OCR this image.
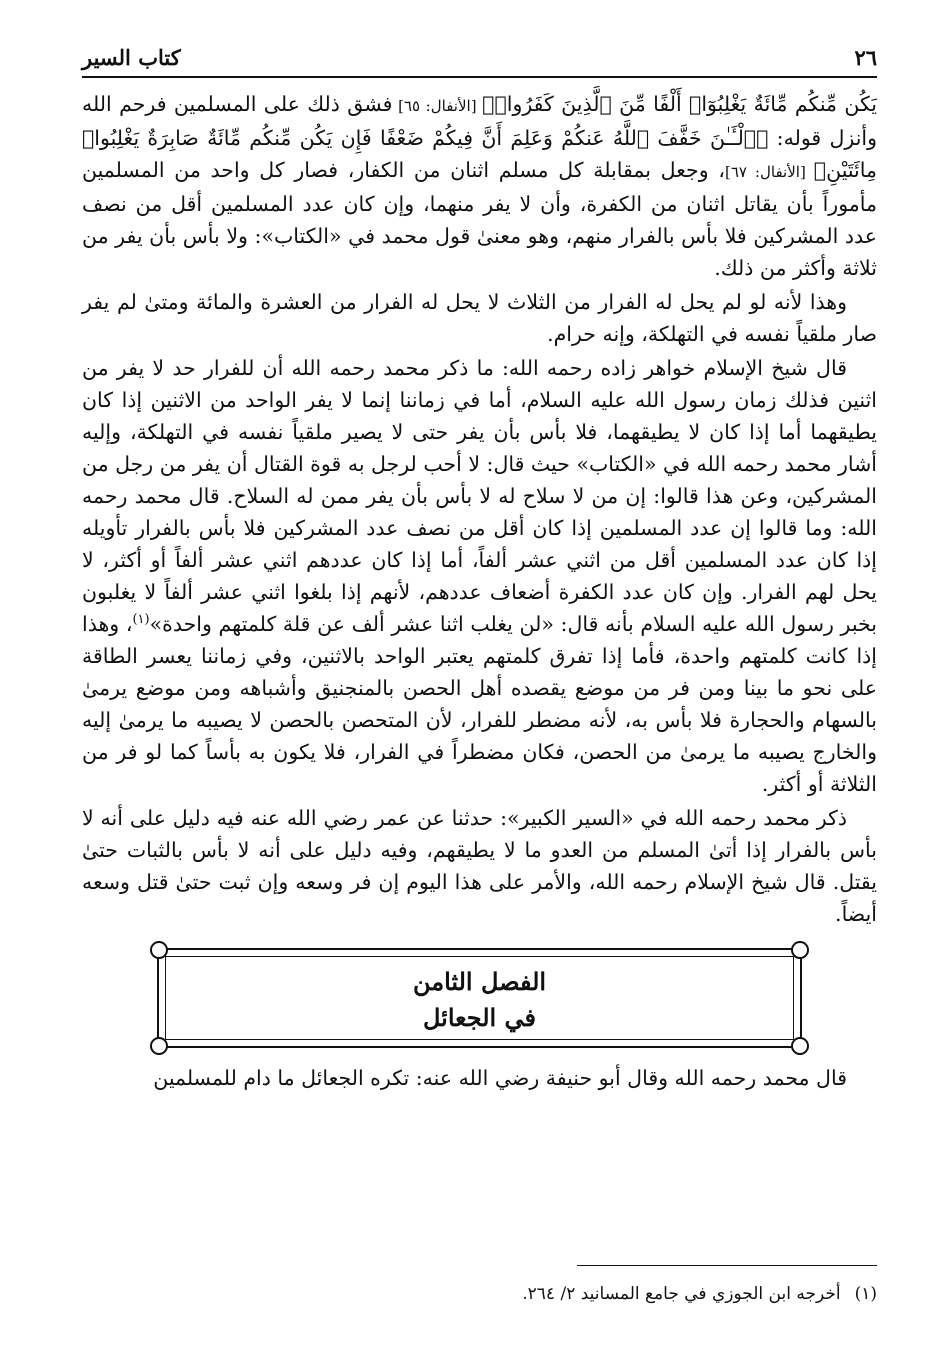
٢٦
كتاب السير

يَكُن مِّنكُم مِّائَةٌ يَغْلِبُوٓا۟ أَلْفًا مِّنَ ٱلَّذِينَ كَفَرُوا۟﴾ [الأنفال: ٦٥] فشق ذلك على المسلمين فرحم الله وأنزل قوله: ﴿ٱلْـَٔـٰنَ خَفَّفَ ٱللَّهُ عَنكُمْ وَعَلِمَ أَنَّ فِيكُمْ ضَعْفًا فَإِن يَكُن مِّنكُم مِّائَةٌ صَابِرَةٌ يَغْلِبُوا۟ مِائَتَيْنِ﴾ [الأنفال: ٦٧]، وجعل بمقابلة كل مسلم اثنان من الكفار، فصار كل واحد من المسلمين مأموراً بأن يقاتل اثنان من الكفرة، وأن لا يفر منهما، وإن كان عدد المسلمين أقل من نصف عدد المشركين فلا بأس بالفرار منهم، وهو معنىٰ قول محمد في «الكتاب»: ولا بأس بأن يفر من ثلاثة وأكثر من ذلك.

وهذا لأنه لو لم يحل له الفرار من الثلاث لا يحل له الفرار من العشرة والمائة ومتىٰ لم يفر صار ملقياً نفسه في التهلكة، وإنه حرام.

قال شيخ الإسلام خواهر زاده رحمه الله: ما ذكر محمد رحمه الله أن للفرار حد لا يفر من اثنين فذلك زمان رسول الله عليه السلام، أما في زماننا إنما لا يفر الواحد من الاثنين إذا كان يطيقهما أما إذا كان لا يطيقهما، فلا بأس بأن يفر حتى لا يصير ملقياً نفسه في التهلكة، وإليه أشار محمد رحمه الله في «الكتاب» حيث قال: لا أحب لرجل به قوة القتال أن يفر من رجل من المشركين، وعن هذا قالوا: إن من لا سلاح له لا بأس بأن يفر ممن له السلاح. قال محمد رحمه الله: وما قالوا إن عدد المسلمين إذا كان أقل من نصف عدد المشركين فلا بأس بالفرار تأويله إذا كان عدد المسلمين أقل من اثني عشر ألفاً، أما إذا كان عددهم اثني عشر ألفاً أو أكثر، لا يحل لهم الفرار. وإن كان عدد الكفرة أضعاف عددهم، لأنهم إذا بلغوا اثني عشر ألفاً لا يغلبون بخبر رسول الله عليه السلام بأنه قال: «لن يغلب اثنا عشر ألف عن قلة كلمتهم واحدة»$^{(١)}$، وهذا إذا كانت كلمتهم واحدة، فأما إذا تفرق كلمتهم يعتبر الواحد بالاثنين، وفي زماننا يعسر الطاقة على نحو ما بينا ومن فر من موضع يقصده أهل الحصن بالمنجنيق وأشباهه ومن موضع يرمىٰ بالسهام والحجارة فلا بأس به، لأنه مضطر للفرار، لأن المتحصن بالحصن لا يصيبه ما يرمىٰ إليه والخارج يصيبه ما يرمىٰ من الحصن، فكان مضطراً في الفرار، فلا يكون به بأساً كما لو فر من الثلاثة أو أكثر.

ذكر محمد رحمه الله في «السير الكبير»: حدثنا عن عمر رضي الله عنه فيه دليل على أنه لا بأس بالفرار إذا أتىٰ المسلم من العدو ما لا يطيقهم، وفيه دليل على أنه لا بأس بالثبات حتىٰ يقتل. قال شيخ الإسلام رحمه الله، والأمر على هذا اليوم إن فر وسعه وإن ثبت حتىٰ قتل وسعه أيضاً.

الفصل الثامن
في الجعائل

قال محمد رحمه الله وقال أبو حنيفة رضي الله عنه: تكره الجعائل ما دام للمسلمين

(١)أخرجه ابن الجوزي في جامع المسانيد ٢/ ٢٦٤.
